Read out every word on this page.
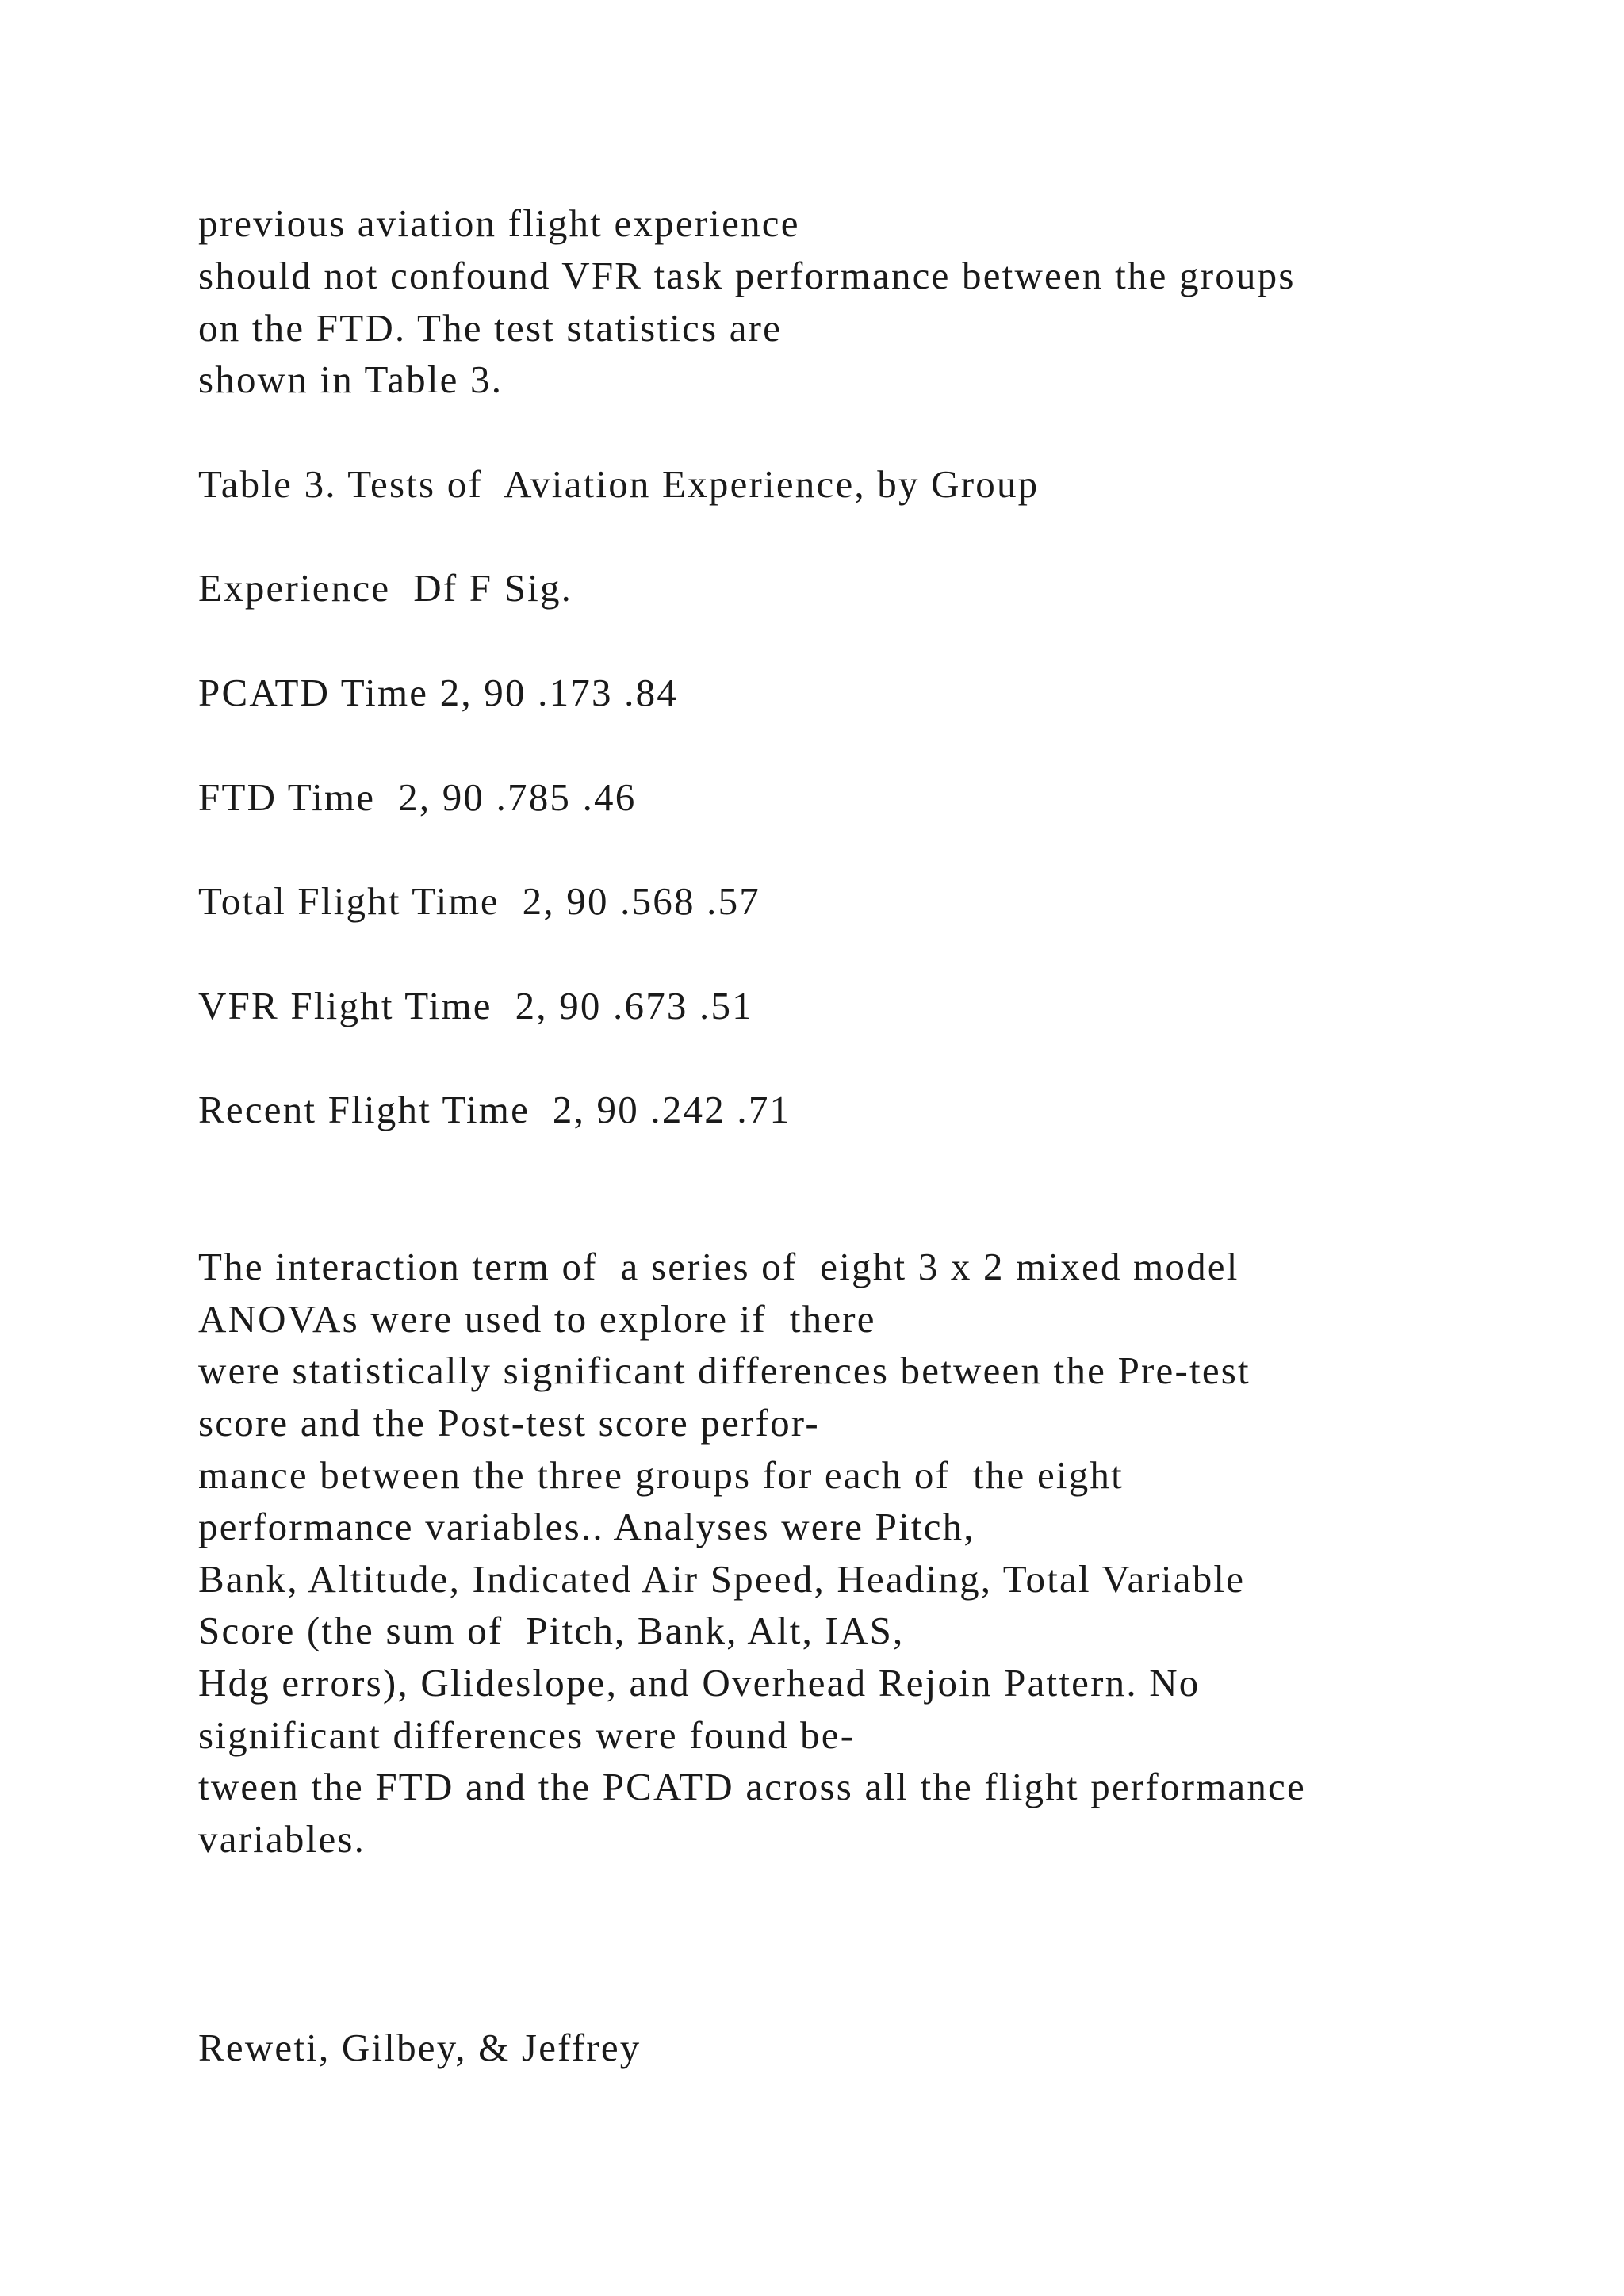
previous aviation flight experience

should not confound VFR task performance between the groups

on the FTD. The test statistics are

shown in Table 3.

Table 3. Tests of  Aviation Experience, by Group

Experience  Df F Sig.

PCATD Time 2, 90 .173 .84

FTD Time  2, 90 .785 .46

Total Flight Time  2, 90 .568 .57

VFR Flight Time  2, 90 .673 .51

Recent Flight Time  2, 90 .242 .71

The interaction term of  a series of  eight 3 x 2 mixed model

ANOVAs were used to explore if  there

were statistically significant differences between the Pre-test

score and the Post-test score perfor-

mance between the three groups for each of  the eight

performance variables.. Analyses were Pitch,

Bank, Altitude, Indicated Air Speed, Heading, Total Variable

Score (the sum of  Pitch, Bank, Alt, IAS,

Hdg errors), Glideslope, and Overhead Rejoin Pattern. No

significant differences were found be-

tween the FTD and the PCATD across all the flight performance

variables.

Reweti, Gilbey, & Jeffrey
